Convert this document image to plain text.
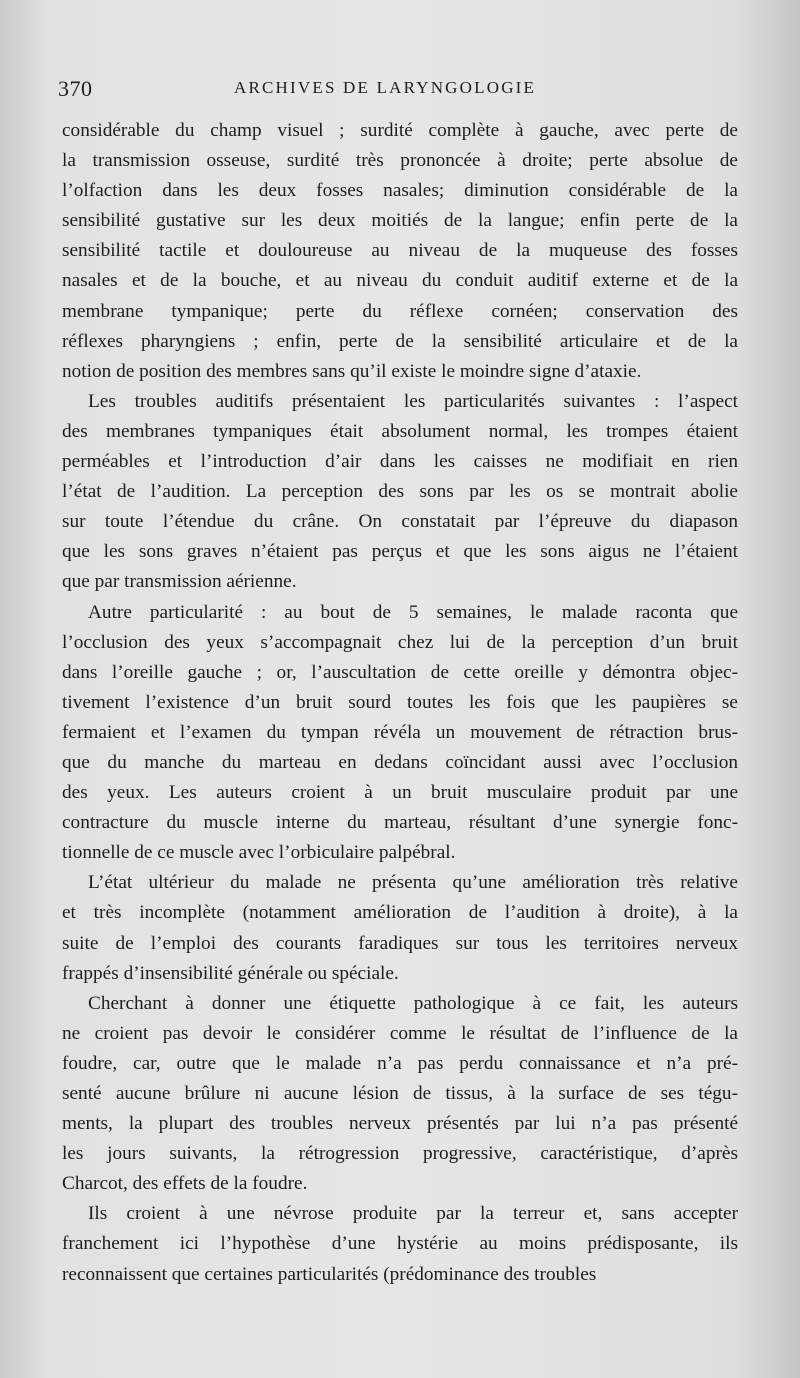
370	ARCHIVES DE LARYNGOLOGIE
considérable du champ visuel ; surdité complète à gauche, avec perte de
la transmission osseuse, surdité très prononcée à droite; perte absolue de
l’olfaction dans les deux fosses nasales; diminution considérable de la
sensibilité gustative sur les deux moitiés de la langue; enfin perte de la
sensibilité tactile et douloureuse au niveau de la muqueuse des fosses
nasales et de la bouche, et au niveau du conduit auditif externe et de la
membrane tympanique; perte du réflexe cornéen; conservation des
réflexes pharyngiens ; enfin, perte de la sensibilité articulaire et de la
notion de position des membres sans qu’il existe le moindre signe d’ataxie.
Les troubles auditifs présentaient les particularités suivantes : l’aspect
des membranes tympaniques était absolument normal, les trompes étaient
perméables et l’introduction d’air dans les caisses ne modifiait en rien
l’état de l’audition. La perception des sons par les os se montrait abolie
sur toute l’étendue du crâne. On constatait par l’épreuve du diapason
que les sons graves n’étaient pas perçus et que les sons aigus ne l’étaient
que par transmission aérienne.
Autre particularité : au bout de 5 semaines, le malade raconta que
l’occlusion des yeux s’accompagnait chez lui de la perception d’un bruit
dans l’oreille gauche ; or, l’auscultation de cette oreille y démontra objec-
tivement l’existence d’un bruit sourd toutes les fois que les paupières se
fermaient et l’examen du tympan révéla un mouvement de rétraction brus-
que du manche du marteau en dedans coïncidant aussi avec l’occlusion
des yeux. Les auteurs croient à un bruit musculaire produit par une
contracture du muscle interne du marteau, résultant d’une synergie fonc-
tionnelle de ce muscle avec l’orbiculaire palpébral.
L’état ultérieur du malade ne présenta qu’une amélioration très relative
et très incomplète (notamment amélioration de l’audition à droite), à la
suite de l’emploi des courants faradiques sur tous les territoires nerveux
frappés d’insensibilité générale ou spéciale.
Cherchant à donner une étiquette pathologique à ce fait, les auteurs
ne croient pas devoir le considérer comme le résultat de l’influence de la
foudre, car, outre que le malade n’a pas perdu connaissance et n’a pré-
senté aucune brûlure ni aucune lésion de tissus, à la surface de ses tégu-
ments, la plupart des troubles nerveux présentés par lui n’a pas présenté
les jours suivants, la rétrogression progressive, caractéristique, d’après
Charcot, des effets de la foudre.
Ils croient à une névrose produite par la terreur et, sans accepter
franchement ici l’hypothèse d’une hystérie au moins prédisposante, ils
reconnaissent que certaines particularités (prédominance des troubles
